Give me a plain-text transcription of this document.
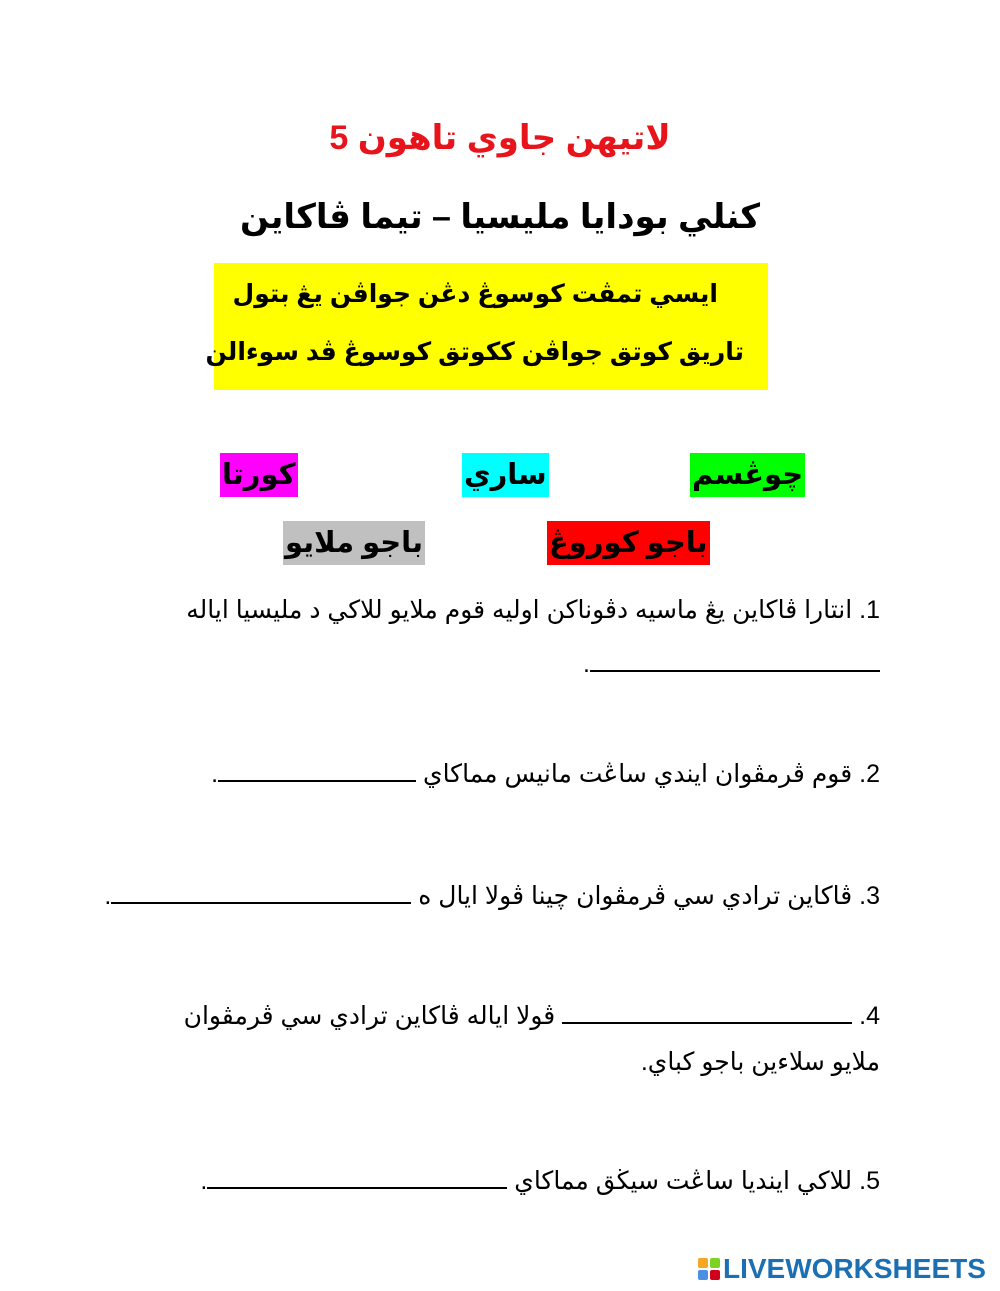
لاتيهن جاوي تاهون 5
كنلي بودايا مليسيا – تيما ڤاكاين
ايسي تمڤت كوسوڠ دڠن جواڤن يڠ بتول
تاريق كوتق جواڤن ككوتق كوسوڠ ڤد سوءالن
چوڠسم
ساري
كورتا
باجو كوروڠ
باجو ملايو
1. انتارا ڤاكاين يڠ ماسيه دڤوناكن اوليه قوم ملايو للاكي د مليسيا اياله
.
2. قوم ڤرمڤوان ايندي ساڠت مانيس مماكاي .
3. ڤاكاين ترادي سي ڤرمڤوان چينا ڤولا ايال ه .
4.  ڤولا اياله ڤاكاين ترادي سي ڤرمڤوان
ملايو سلاءين باجو كباي.
5. للاكي اينديا ساڠت سيڬق مماكاي .
LIVEWORKSHEETS
